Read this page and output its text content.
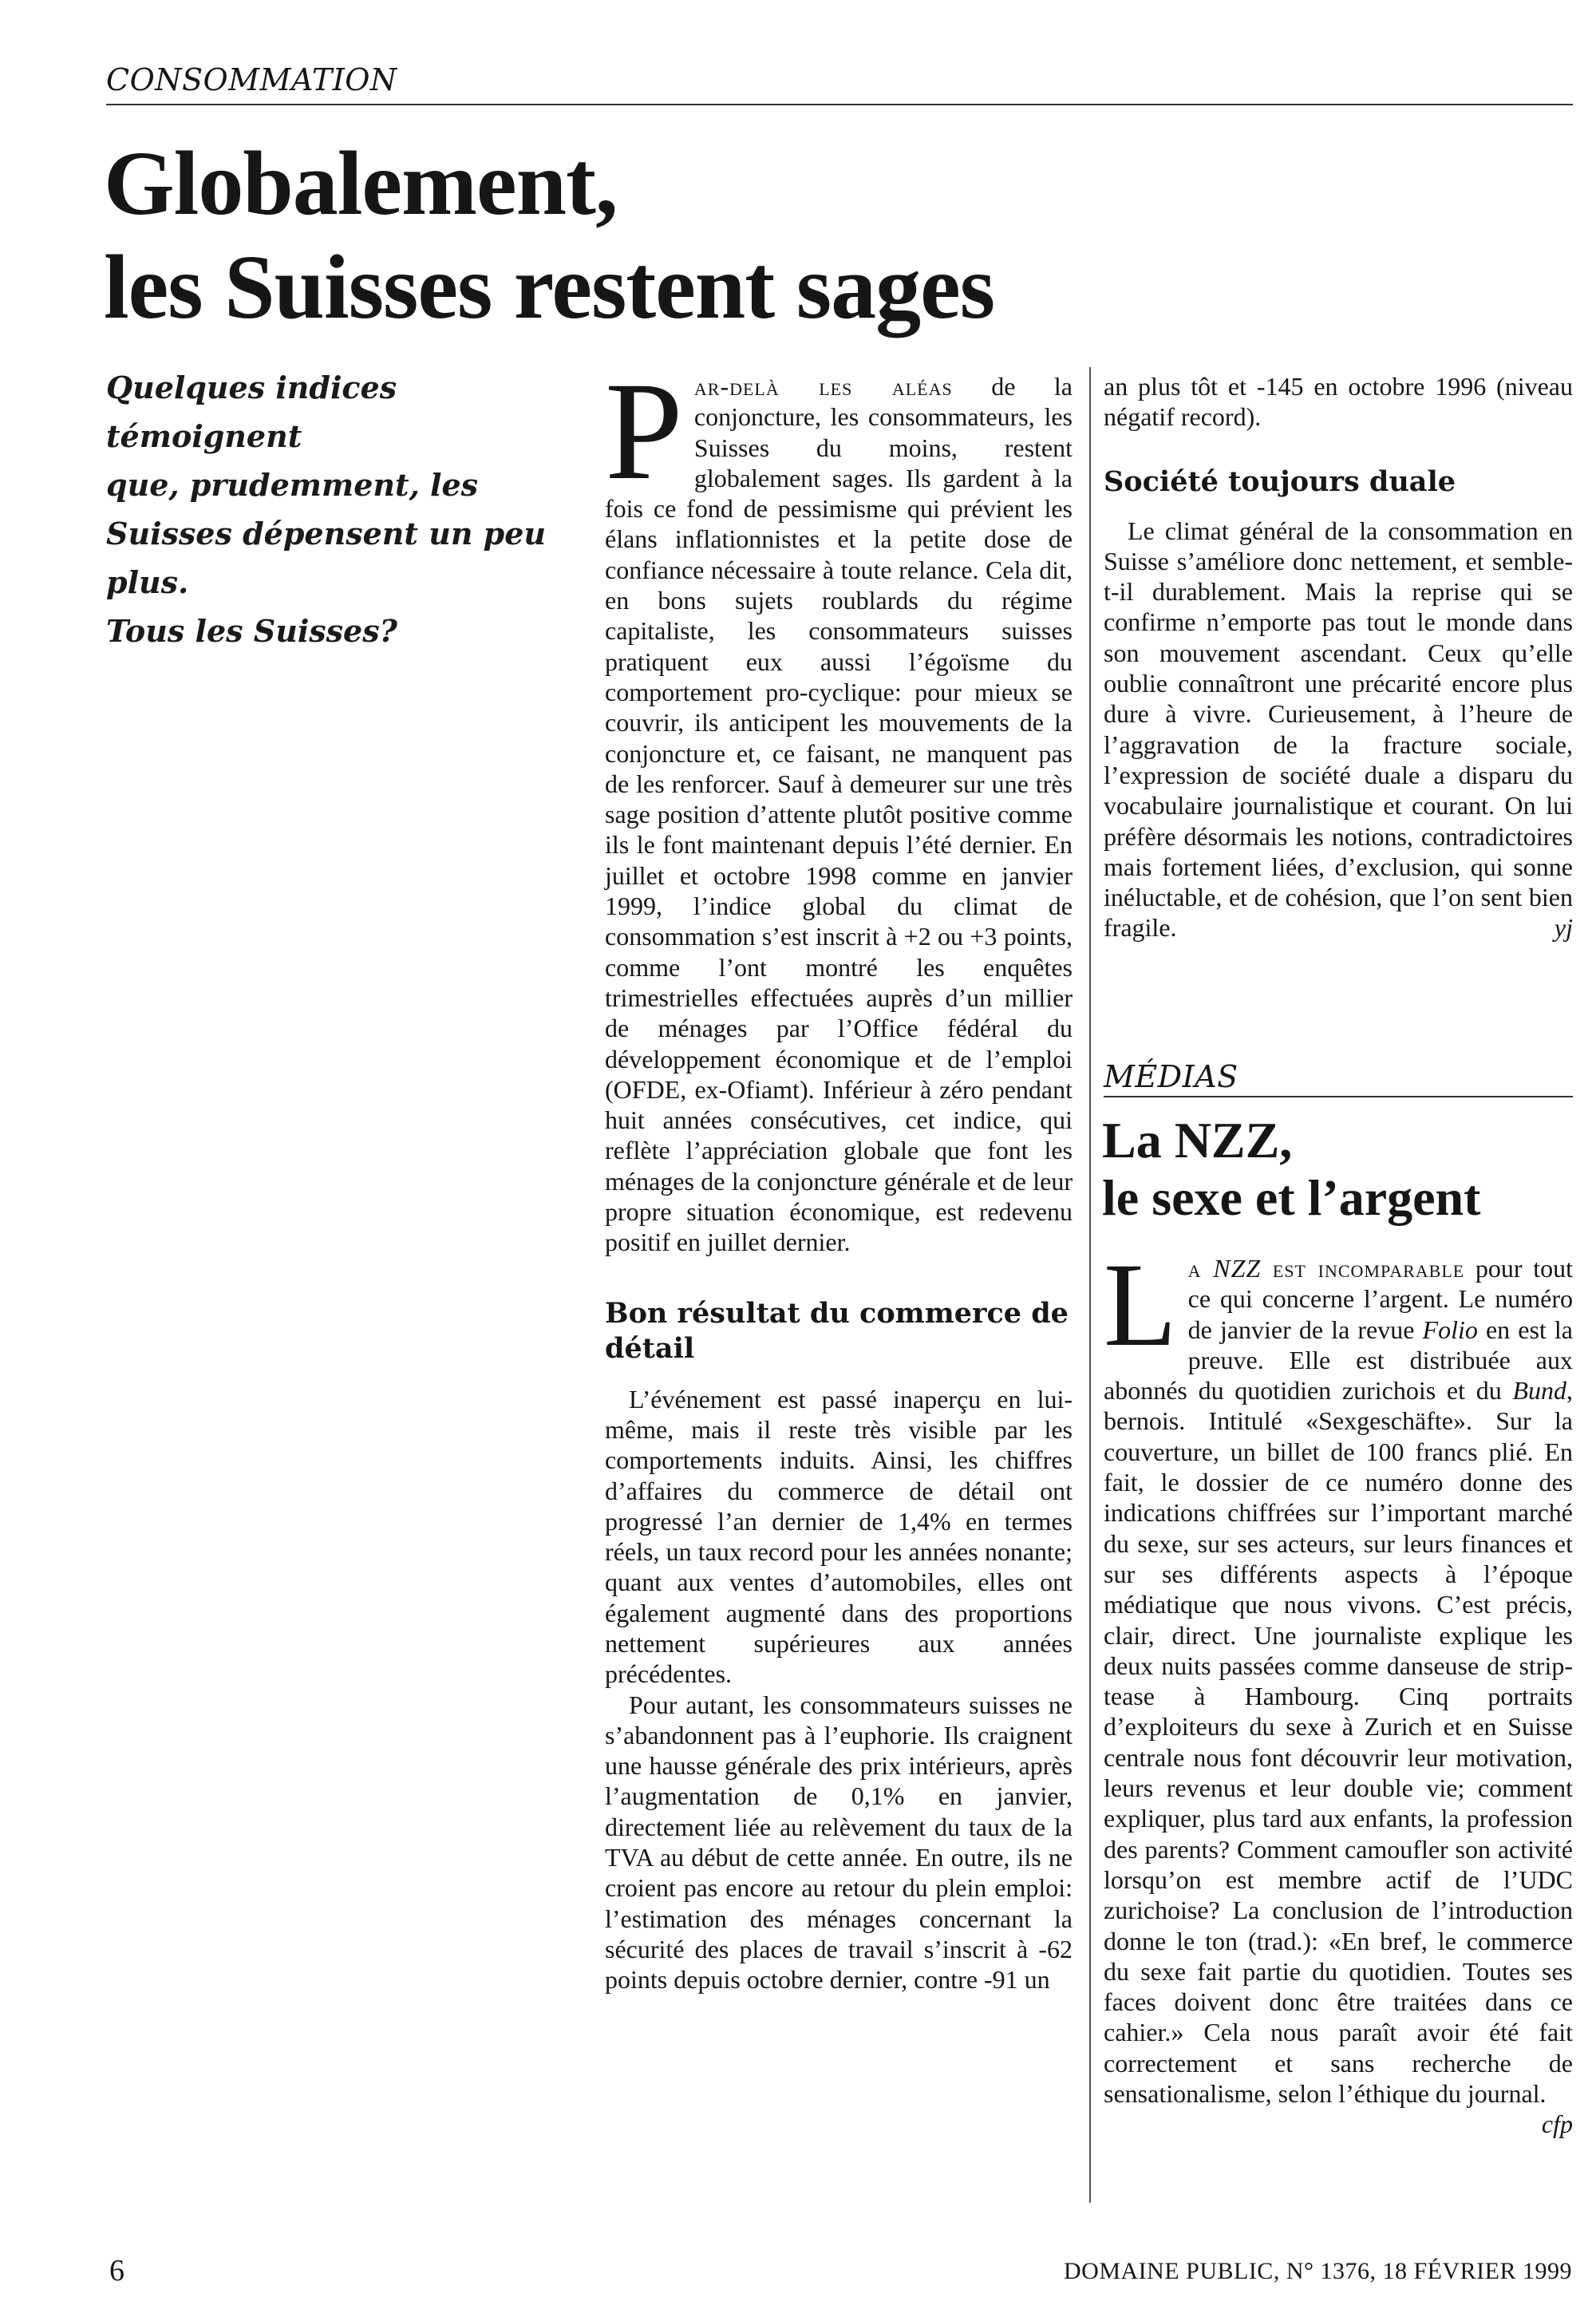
CONSOMMATION
Globalement,
les Suisses restent sages
Quelques indices témoignent
que, prudemment, les
Suisses dépensent un peu
plus.
Tous les Suisses?

Par-delà les aléas de la conjoncture, les consommateurs, les Suisses du moins, restent globalement sages. Ils gardent à la fois ce fond de pessimisme qui prévient les élans inflationnistes et la petite dose de confiance nécessaire à toute relance. Cela dit, en bons sujets roublards du régime capitaliste, les consommateurs suisses pratiquent eux aussi l’égoïsme du comportement pro-cyclique: pour mieux se couvrir, ils anticipent les mouvements de la conjoncture et, ce faisant, ne manquent pas de les renforcer. Sauf à demeurer sur une très sage position d’attente plutôt positive comme ils le font maintenant depuis l’été dernier. En juillet et octobre 1998 comme en janvier 1999, l’indice global du climat de consommation s’est inscrit à +2 ou +3 points, comme l’ont montré les enquêtes trimestrielles effectuées auprès d’un millier de ménages par l’Office fédéral du développement économique et de l’emploi (OFDE, ex-Ofiamt). Inférieur à zéro pendant huit années consécutives, cet indice, qui reflète l’appréciation globale que font les ménages de la conjoncture générale et de leur propre situation économique, est redevenu positif en juillet dernier.

Bon résultat du commerce de détail

L’événement est passé inaperçu en lui-même, mais il reste très visible par les comportements induits. Ainsi, les chiffres d’affaires du commerce de détail ont progressé l’an dernier de 1,4% en termes réels, un taux record pour les années nonante; quant aux ventes d’automobiles, elles ont également augmenté dans des proportions nettement supérieures aux années précédentes.

Pour autant, les consommateurs suisses ne s’abandonnent pas à l’euphorie. Ils craignent une hausse générale des prix intérieurs, après l’augmentation de 0,1% en janvier, directement liée au relèvement du taux de la TVA au début de cette année. En outre, ils ne croient pas encore au retour du plein emploi: l’estimation des ménages concernant la sécurité des places de travail s’inscrit à -62 points depuis octobre dernier, contre -91 un

an plus tôt et -145 en octobre 1996 (niveau négatif record).

Société toujours duale

Le climat général de la consommation en Suisse s’améliore donc nettement, et semble-t-il durablement. Mais la reprise qui se confirme n’emporte pas tout le monde dans son mouvement ascendant. Ceux qu’elle oublie connaîtront une précarité encore plus dure à vivre. Curieusement, à l’heure de l’aggravation de la fracture sociale, l’expression de société duale a disparu du vocabulaire journalistique et courant. On lui préfère désormais les notions, contradictoires mais fortement liées, d’exclusion, qui sonne inéluctable, et de cohésion, que l’on sent bien fragile.	yj

MÉDIAS
La NZZ,
le sexe et l’argent

La NZZ est incomparable pour tout ce qui concerne l’argent. Le numéro de janvier de la revue Folio en est la preuve. Elle est distribuée aux abonnés du quotidien zurichois et du Bund, bernois. Intitulé «Sexgeschäfte». Sur la couverture, un billet de 100 francs plié. En fait, le dossier de ce numéro donne des indications chiffrées sur l’important marché du sexe, sur ses acteurs, sur leurs finances et sur ses différents aspects à l’époque médiatique que nous vivons. C’est précis, clair, direct. Une journaliste explique les deux nuits passées comme danseuse de strip-tease à Hambourg. Cinq portraits d’exploiteurs du sexe à Zurich et en Suisse centrale nous font découvrir leur motivation, leurs revenus et leur double vie; comment expliquer, plus tard aux enfants, la profession des parents? Comment camoufler son activité lorsqu’on est membre actif de l’UDC zurichoise? La conclusion de l’introduction donne le ton (trad.): «En bref, le commerce du sexe fait partie du quotidien. Toutes ses faces doivent donc être traitées dans ce cahier.» Cela nous paraît avoir été fait correctement et sans recherche de sensationalisme, selon l’éthique du journal.
cfp

6	DOMAINE PUBLIC, N° 1376, 18 FÉVRIER 1999
